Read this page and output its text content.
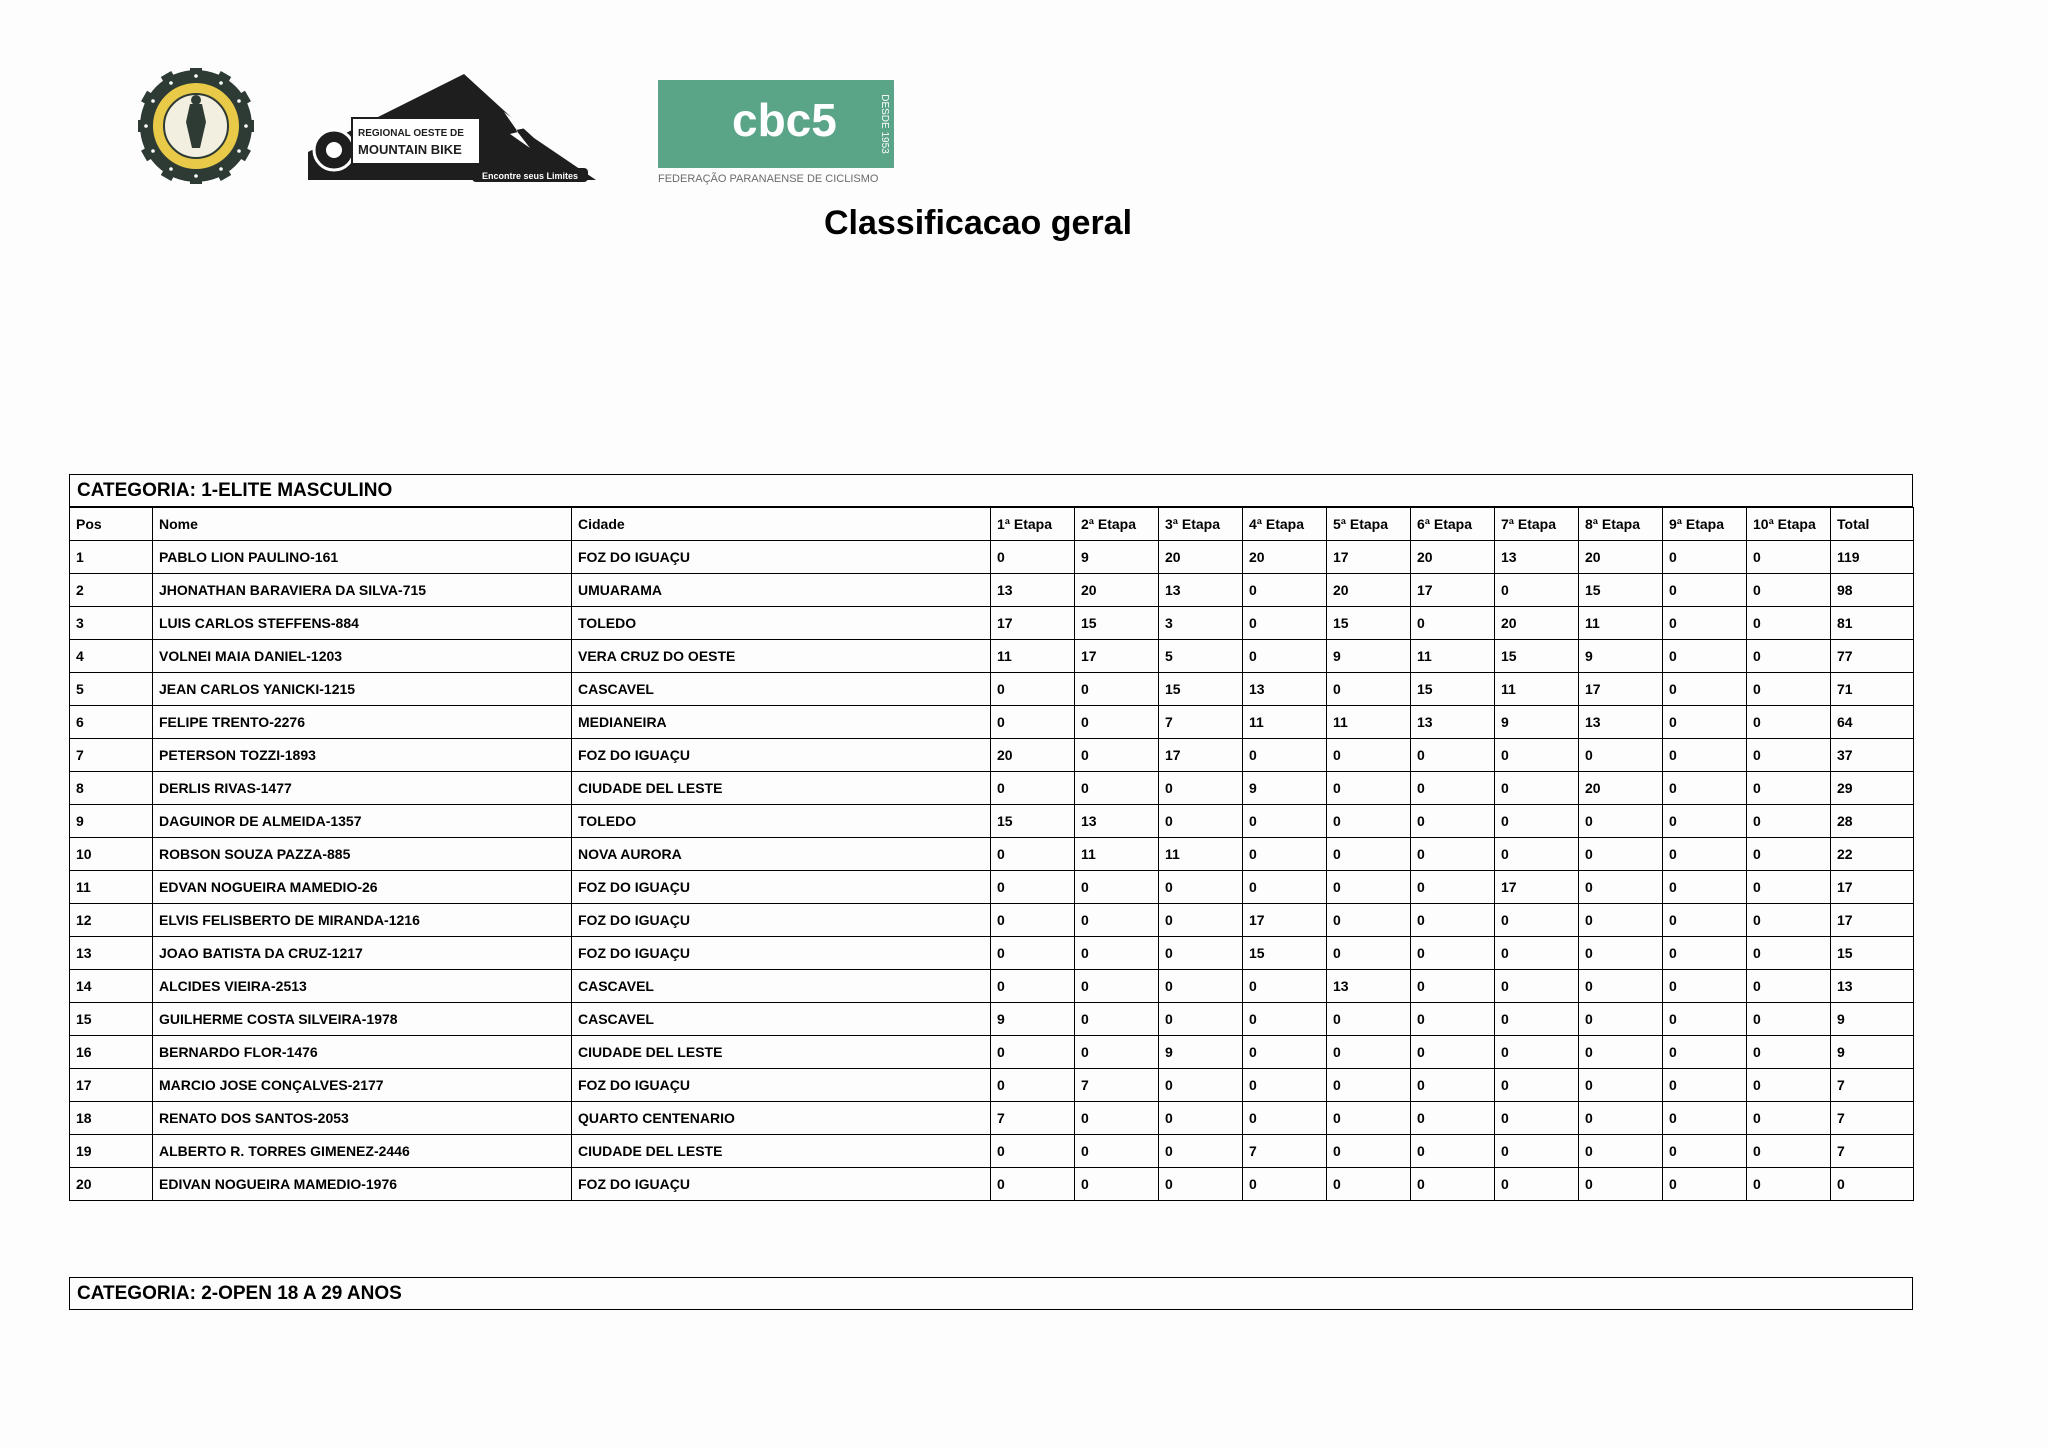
REGIONAL OESTE DE
MOUNTAIN BIKE
Encontre seus Limites
cbc5	DESDE 1953
FEDERAÇÃO PARANAENSE DE CICLISMO
Classificacao geral
CATEGORIA: 1-ELITE MASCULINO
Pos	Nome	Cidade	1ª Etapa	2ª Etapa	3ª Etapa	4ª Etapa	5ª Etapa	6ª Etapa	7ª Etapa	8ª Etapa	9ª Etapa	10ª Etapa	Total
1	PABLO LION PAULINO-161	FOZ DO IGUAÇU	0	9	20	20	17	20	13	20	0	0	119
2	JHONATHAN BARAVIERA DA SILVA-715	UMUARAMA	13	20	13	0	20	17	0	15	0	0	98
3	LUIS CARLOS STEFFENS-884	TOLEDO	17	15	3	0	15	0	20	11	0	0	81
4	VOLNEI MAIA DANIEL-1203	VERA CRUZ DO OESTE	11	17	5	0	9	11	15	9	0	0	77
5	JEAN CARLOS YANICKI-1215	CASCAVEL	0	0	15	13	0	15	11	17	0	0	71
6	FELIPE TRENTO-2276	MEDIANEIRA	0	0	7	11	11	13	9	13	0	0	64
7	PETERSON TOZZI-1893	FOZ DO IGUAÇU	20	0	17	0	0	0	0	0	0	0	37
8	DERLIS RIVAS-1477	CIUDADE DEL LESTE	0	0	0	9	0	0	0	20	0	0	29
9	DAGUINOR DE ALMEIDA-1357	TOLEDO	15	13	0	0	0	0	0	0	0	0	28
10	ROBSON SOUZA PAZZA-885	NOVA AURORA	0	11	11	0	0	0	0	0	0	0	22
11	EDVAN NOGUEIRA MAMEDIO-26	FOZ DO IGUAÇU	0	0	0	0	0	0	17	0	0	0	17
12	ELVIS FELISBERTO DE MIRANDA-1216	FOZ DO IGUAÇU	0	0	0	17	0	0	0	0	0	0	17
13	JOAO BATISTA DA CRUZ-1217	FOZ DO IGUAÇU	0	0	0	15	0	0	0	0	0	0	15
14	ALCIDES VIEIRA-2513	CASCAVEL	0	0	0	0	13	0	0	0	0	0	13
15	GUILHERME COSTA SILVEIRA-1978	CASCAVEL	9	0	0	0	0	0	0	0	0	0	9
16	BERNARDO FLOR-1476	CIUDADE DEL LESTE	0	0	9	0	0	0	0	0	0	0	9
17	MARCIO JOSE CONÇALVES-2177	FOZ DO IGUAÇU	0	7	0	0	0	0	0	0	0	0	7
18	RENATO DOS SANTOS-2053	QUARTO CENTENARIO	7	0	0	0	0	0	0	0	0	0	7
19	ALBERTO R. TORRES GIMENEZ-2446	CIUDADE DEL LESTE	0	0	0	7	0	0	0	0	0	0	7
20	EDIVAN NOGUEIRA MAMEDIO-1976	FOZ DO IGUAÇU	0	0	0	0	0	0	0	0	0	0	0
CATEGORIA: 2-OPEN 18 A 29 ANOS
